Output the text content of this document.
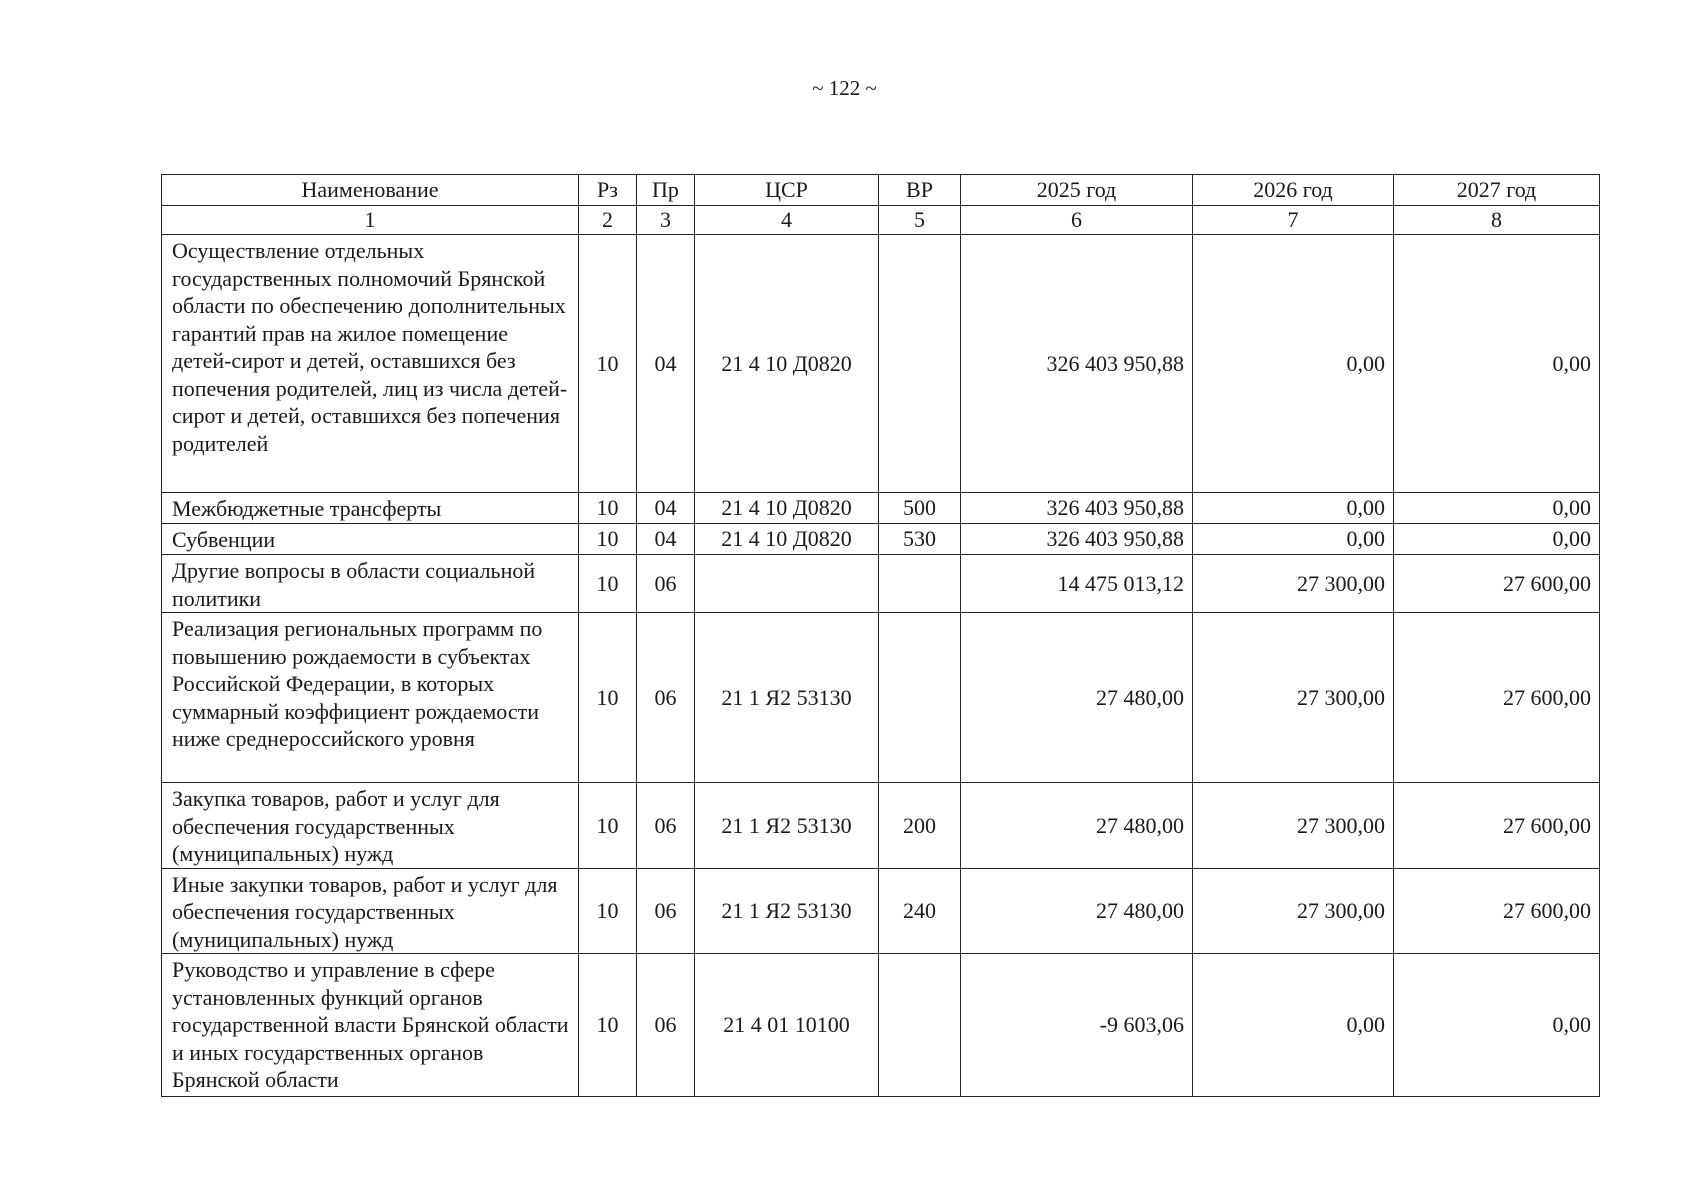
~ 122 ~
Наименование	Рз	Пр	ЦСР	ВР	2025 год	2026 год	2027 год
1	2	3	4	5	6	7	8
Осуществление отдельных государственных полномочий Брянской области по обеспечению дополнительных гарантий прав на жилое помещение детей-сирот и детей, оставшихся без попечения родителей, лиц из числа детей-сирот и детей, оставшихся без попечения родителей	10	04	21 4 10 Д0820		326 403 950,88	0,00	0,00
Межбюджетные трансферты	10	04	21 4 10 Д0820	500	326 403 950,88	0,00	0,00
Субвенции	10	04	21 4 10 Д0820	530	326 403 950,88	0,00	0,00
Другие вопросы в области социальной политики	10	06			14 475 013,12	27 300,00	27 600,00
Реализация региональных программ по повышению рождаемости в субъектах Российской Федерации, в которых суммарный коэффициент рождаемости ниже среднероссийского уровня	10	06	21 1 Я2 53130		27 480,00	27 300,00	27 600,00
Закупка товаров, работ и услуг для обеспечения государственных (муниципальных) нужд	10	06	21 1 Я2 53130	200	27 480,00	27 300,00	27 600,00
Иные закупки товаров, работ и услуг для обеспечения государственных (муниципальных) нужд	10	06	21 1 Я2 53130	240	27 480,00	27 300,00	27 600,00
Руководство и управление в сфере установленных функций органов государственной власти Брянской области и иных государственных органов Брянской области	10	06	21 4 01 10100		-9 603,06	0,00	0,00
